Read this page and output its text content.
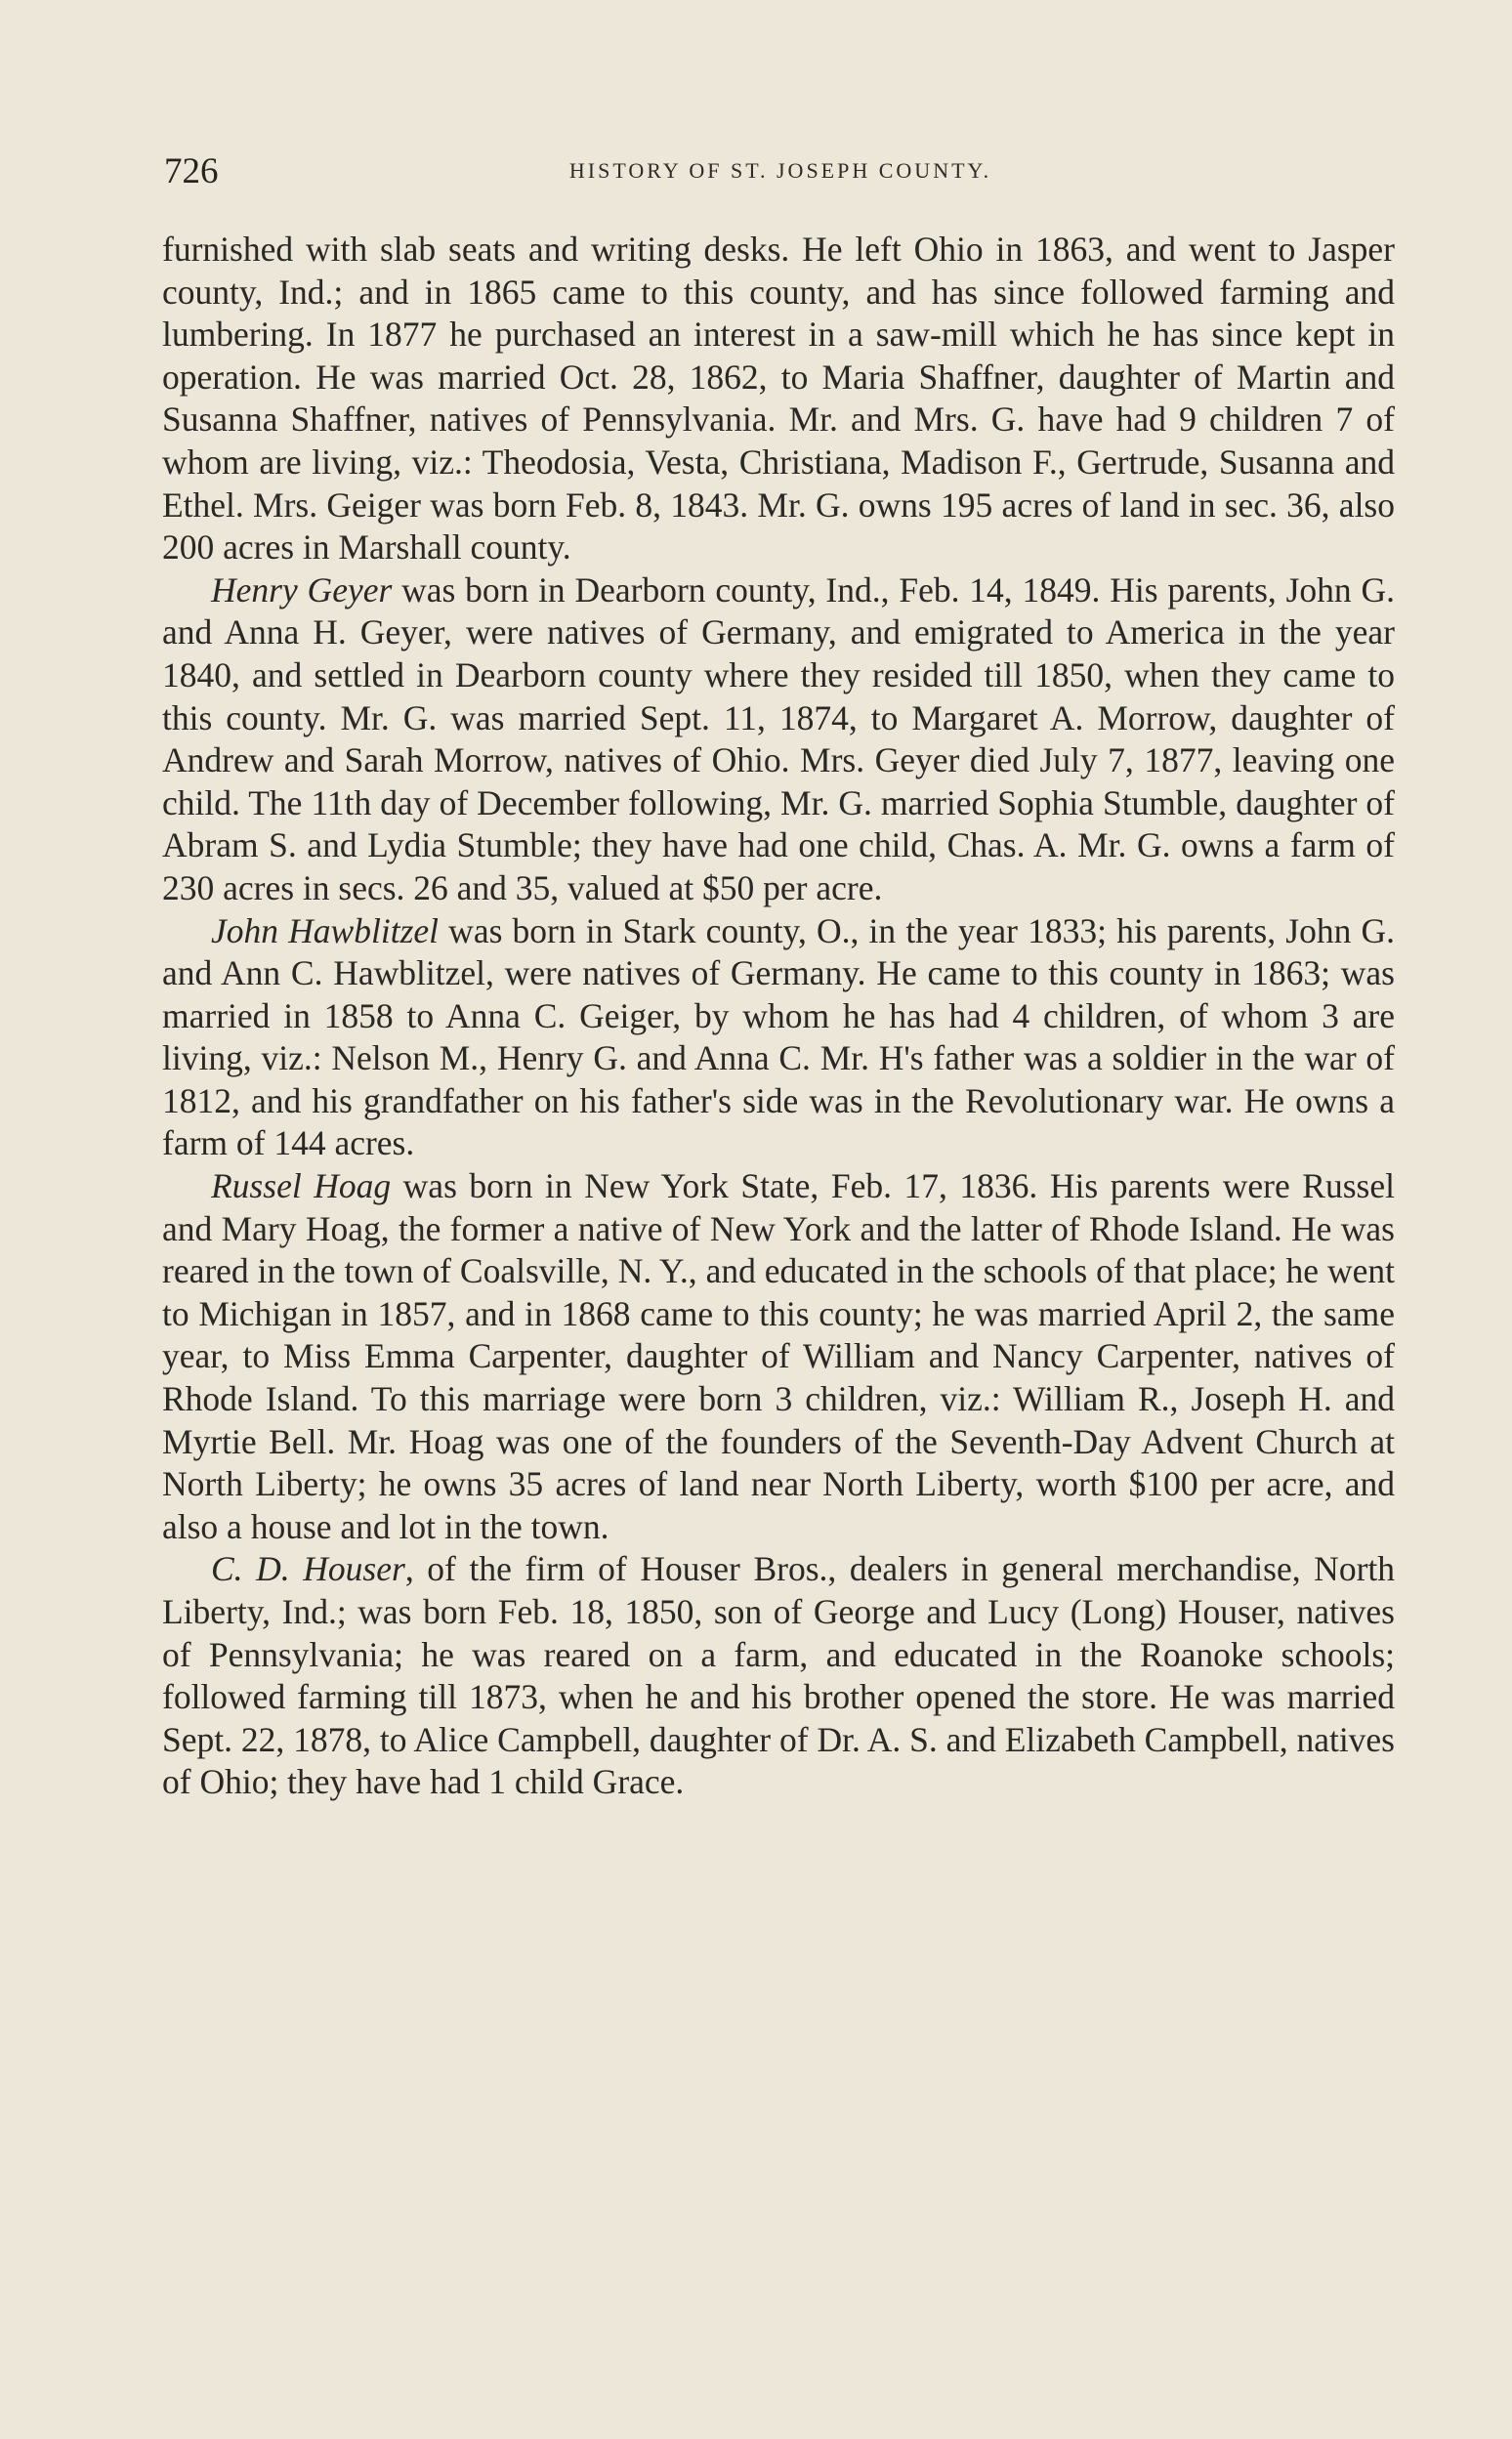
726	HISTORY OF ST. JOSEPH COUNTY.

furnished with slab seats and writing desks. He left Ohio in 1863, and went to Jasper county, Ind.; and in 1865 came to this county, and has since followed farming and lumbering. In 1877 he purchased an interest in a saw-mill which he has since kept in operation. He was married Oct. 28, 1862, to Maria Shaffner, daughter of Martin and Susanna Shaffner, natives of Pennsylvania. Mr. and Mrs. G. have had 9 children 7 of whom are living, viz.: Theodosia, Vesta, Christiana, Madison F., Gertrude, Susanna and Ethel. Mrs. Geiger was born Feb. 8, 1843. Mr. G. owns 195 acres of land in sec. 36, also 200 acres in Marshall county.

Henry Geyer was born in Dearborn county, Ind., Feb. 14, 1849. His parents, John G. and Anna H. Geyer, were natives of Germany, and emigrated to America in the year 1840, and settled in Dearborn county where they resided till 1850, when they came to this county. Mr. G. was married Sept. 11, 1874, to Margaret A. Morrow, daughter of Andrew and Sarah Morrow, natives of Ohio. Mrs. Geyer died July 7, 1877, leaving one child. The 11th day of December following, Mr. G. married Sophia Stumble, daughter of Abram S. and Lydia Stumble; they have had one child, Chas. A. Mr. G. owns a farm of 230 acres in secs. 26 and 35, valued at $50 per acre.

John Hawblitzel was born in Stark county, O., in the year 1833; his parents, John G. and Ann C. Hawblitzel, were natives of Germany. He came to this county in 1863; was married in 1858 to Anna C. Geiger, by whom he has had 4 children, of whom 3 are living, viz.: Nelson M., Henry G. and Anna C. Mr. H's father was a soldier in the war of 1812, and his grandfather on his father's side was in the Revolutionary war. He owns a farm of 144 acres.

Russel Hoag was born in New York State, Feb. 17, 1836. His parents were Russel and Mary Hoag, the former a native of New York and the latter of Rhode Island. He was reared in the town of Coalsville, N. Y., and educated in the schools of that place; he went to Michigan in 1857, and in 1868 came to this county; he was married April 2, the same year, to Miss Emma Carpenter, daughter of William and Nancy Carpenter, natives of Rhode Island. To this marriage were born 3 children, viz.: William R., Joseph H. and Myrtie Bell. Mr. Hoag was one of the founders of the Seventh-Day Advent Church at North Liberty; he owns 35 acres of land near North Liberty, worth $100 per acre, and also a house and lot in the town.

C. D. Houser, of the firm of Houser Bros., dealers in general merchandise, North Liberty, Ind.; was born Feb. 18, 1850, son of George and Lucy (Long) Houser, natives of Pennsylvania; he was reared on a farm, and educated in the Roanoke schools; followed farming till 1873, when he and his brother opened the store. He was married Sept. 22, 1878, to Alice Campbell, daughter of Dr. A. S. and Elizabeth Campbell, natives of Ohio; they have had 1 child Grace.
